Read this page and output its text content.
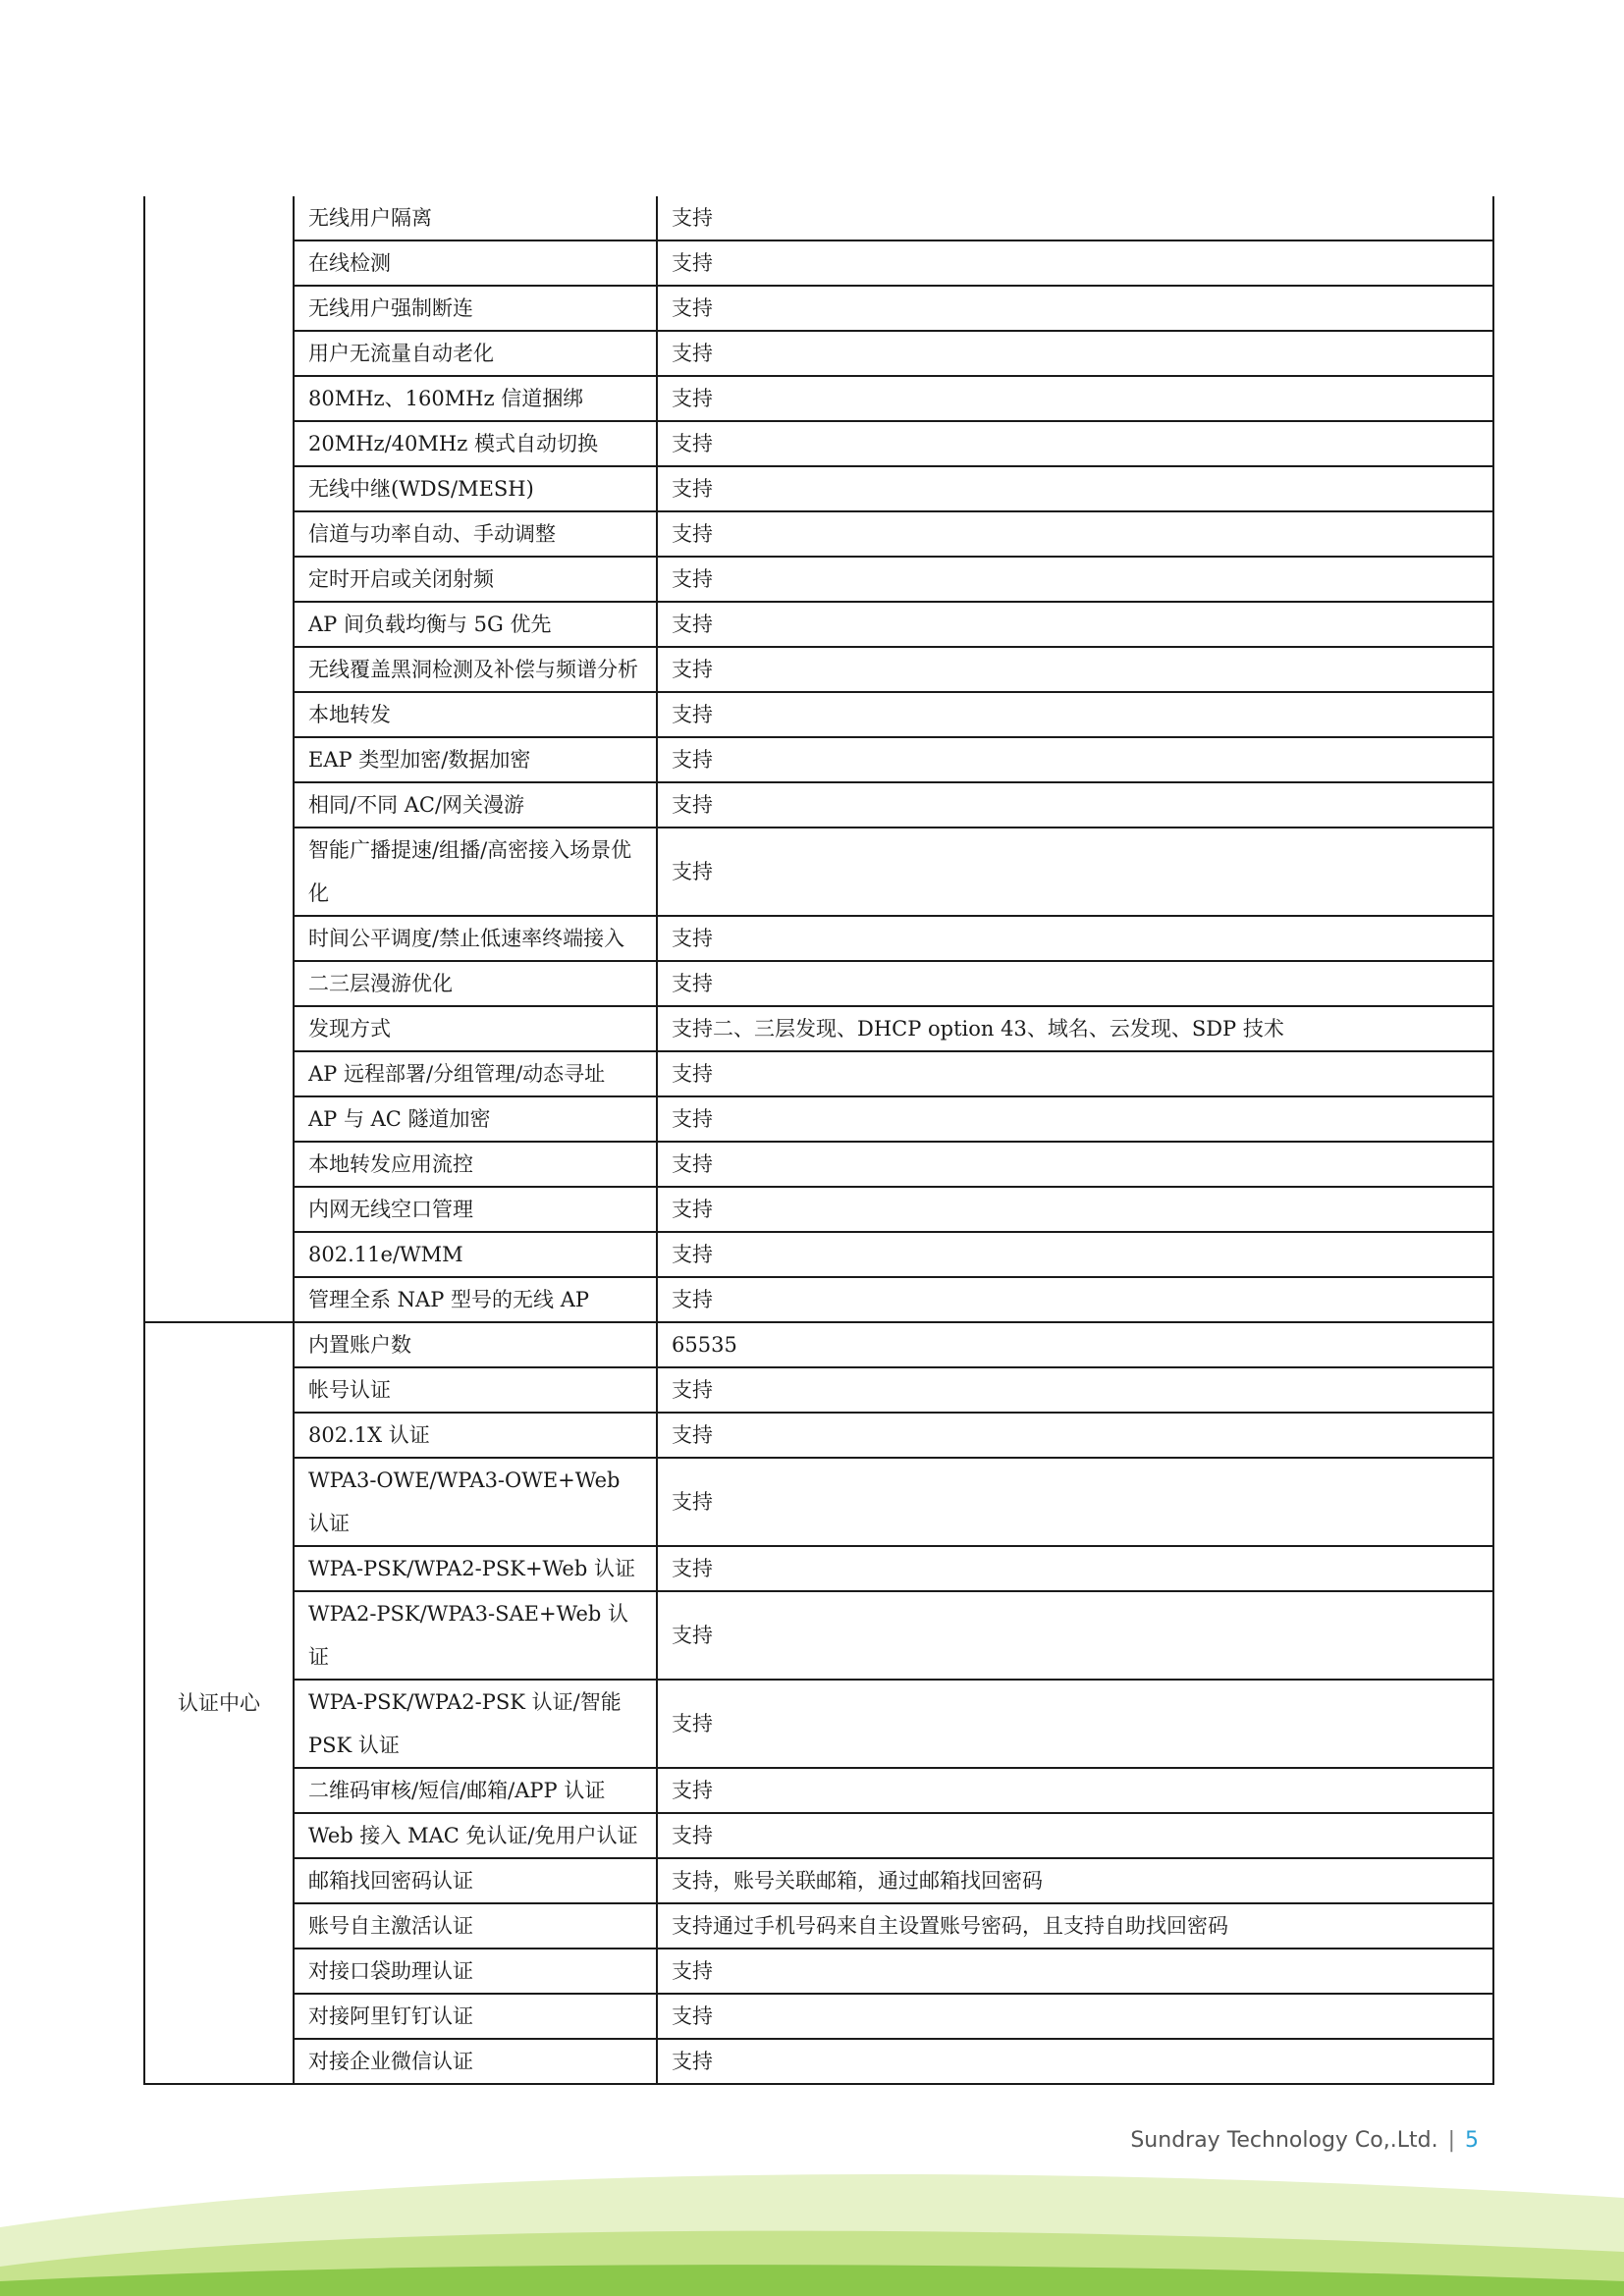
	无线用户隔离	支持
	在线检测	支持
	无线用户强制断连	支持
	用户无流量自动老化	支持
	80MHz、160MHz 信道捆绑	支持
	20MHz/40MHz 模式自动切换	支持
	无线中继(WDS/MESH)	支持
	信道与功率自动、手动调整	支持
	定时开启或关闭射频	支持
	AP 间负载均衡与 5G 优先	支持
	无线覆盖黑洞检测及补偿与频谱分析	支持
	本地转发	支持
	EAP 类型加密/数据加密	支持
	相同/不同 AC/网关漫游	支持
	智能广播提速/组播/高密接入场景优化	支持
	时间公平调度/禁止低速率终端接入	支持
	二三层漫游优化	支持
	发现方式	支持二、三层发现、DHCP option 43、域名、云发现、SDP 技术
	AP 远程部署/分组管理/动态寻址	支持
	AP 与 AC 隧道加密	支持
	本地转发应用流控	支持
	内网无线空口管理	支持
	802.11e/WMM	支持
	管理全系 NAP 型号的无线 AP	支持
认证中心	内置账户数	65535
	帐号认证	支持
	802.1X 认证	支持
	WPA3-OWE/WPA3-OWE+Web 认证	支持
	WPA-PSK/WPA2-PSK+Web 认证	支持
	WPA2-PSK/WPA3-SAE+Web 认证	支持
	WPA-PSK/WPA2-PSK 认证/智能 PSK 认证	支持
	二维码审核/短信/邮箱/APP 认证	支持
	Web 接入 MAC 免认证/免用户认证	支持
	邮箱找回密码认证	支持，账号关联邮箱，通过邮箱找回密码
	账号自主激活认证	支持通过手机号码来自主设置账号密码，且支持自助找回密码
	对接口袋助理认证	支持
	对接阿里钉钉认证	支持
	对接企业微信认证	支持
Sundray Technology Co,.Ltd. | 5
